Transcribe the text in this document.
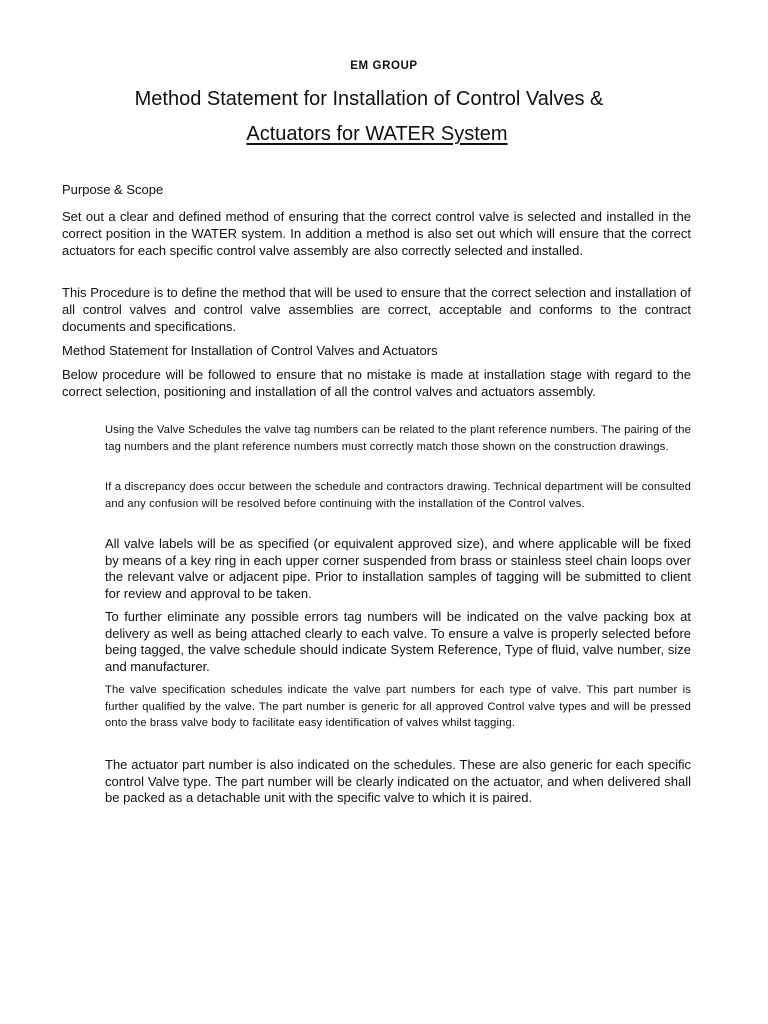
EM GROUP
Method Statement for Installation of Control Valves &
Actuators for WATER System
Purpose & Scope
Set out a clear and defined method of ensuring that the correct control valve is selected and installed in the correct position in the WATER system. In addition a method is also set out which will ensure that the correct actuators for each specific control valve assembly are also correctly selected and installed.
This Procedure is to define the method that will be used to ensure that the correct selection and installation of all control valves and control valve assemblies are correct, acceptable and conforms to the contract documents and specifications.
Method Statement for Installation of Control Valves and Actuators
Below procedure will be followed to ensure that no mistake is made at installation stage with regard to the correct selection, positioning and installation of all the control valves and actuators assembly.
Using the Valve Schedules the valve tag numbers can be related to the plant reference numbers. The pairing of the tag numbers and the plant reference numbers must correctly match those shown on the construction drawings.
If a discrepancy does occur between the schedule and contractors drawing. Technical department will be consulted and any confusion will be resolved before continuing with the installation of the Control valves.
All valve labels will be as specified (or equivalent approved size), and where applicable will be fixed by means of a key ring in each upper corner suspended from brass or stainless steel chain loops over the relevant valve or adjacent pipe. Prior to installation samples of tagging will be submitted to client for review and approval to be taken.
To further eliminate any possible errors tag numbers will be indicated on the valve packing box at delivery as well as being attached clearly to each valve. To ensure a valve is properly selected before being tagged, the valve schedule should indicate System Reference, Type of fluid, valve number, size and manufacturer.
The valve specification schedules indicate the valve part numbers for each type of valve. This part number is further qualified by the valve. The part number is generic for all approved Control valve types and will be pressed onto the brass valve body to facilitate easy identification of valves whilst tagging.
The actuator part number is also indicated on the schedules. These are also generic for each specific control Valve type. The part number will be clearly indicated on the actuator, and when delivered shall be packed as a detachable unit with the specific valve to which it is paired.
